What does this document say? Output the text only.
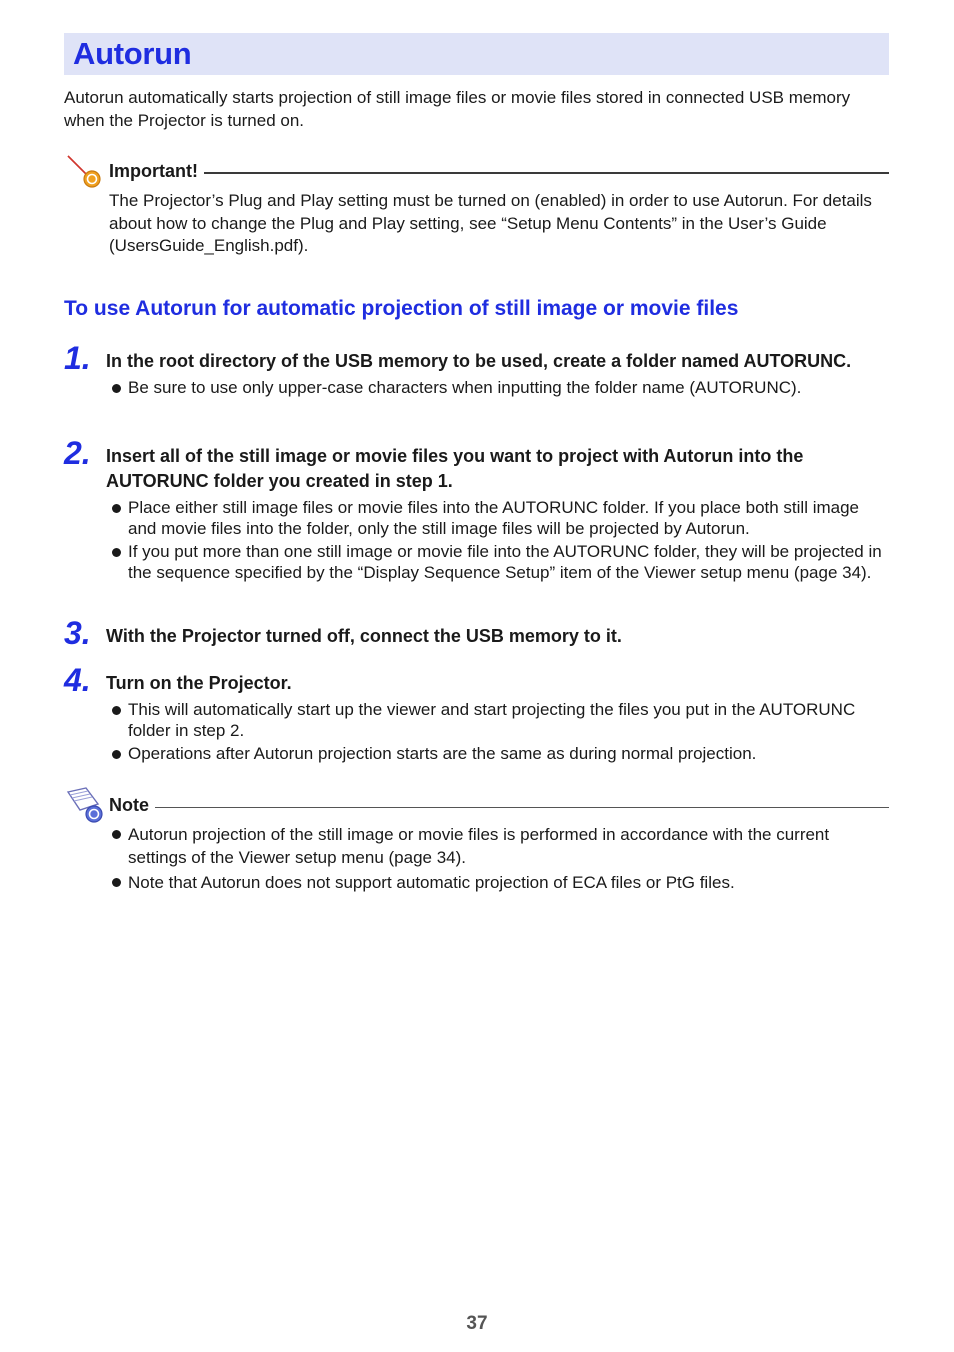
Autorun

Autorun automatically starts projection of still image files or movie files stored in connected USB memory when the Projector is turned on.

Important!

The Projector’s Plug and Play setting must be turned on (enabled) in order to use Autorun. For details about how to change the Plug and Play setting, see “Setup Menu Contents” in the User’s Guide (UsersGuide_English.pdf).

To use Autorun for automatic projection of still image or movie files
1. In the root directory of the USB memory to be used, create a folder named AUTORUNC.

Be sure to use only upper-case characters when inputting the folder name (AUTORUNC).
2. Insert all of the still image or movie files you want to project with Autorun into the AUTORUNC folder you created in step 1.

Place either still image files or movie files into the AUTORUNC folder. If you place both still image and movie files into the folder, only the still image files will be projected by Autorun.
If you put more than one still image or movie file into the AUTORUNC folder, they will be projected in the sequence specified by the “Display Sequence Setup” item of the Viewer setup menu (page 34).
3. With the Projector turned off, connect the USB memory to it.

4. Turn on the Projector.

This will automatically start up the viewer and start projecting the files you put in the AUTORUNC folder in step 2.
Operations after Autorun projection starts are the same as during normal projection.
Note
Autorun projection of the still image or movie files is performed in accordance with the current settings of the Viewer setup menu (page 34).
Note that Autorun does not support automatic projection of ECA files or PtG files.
37
